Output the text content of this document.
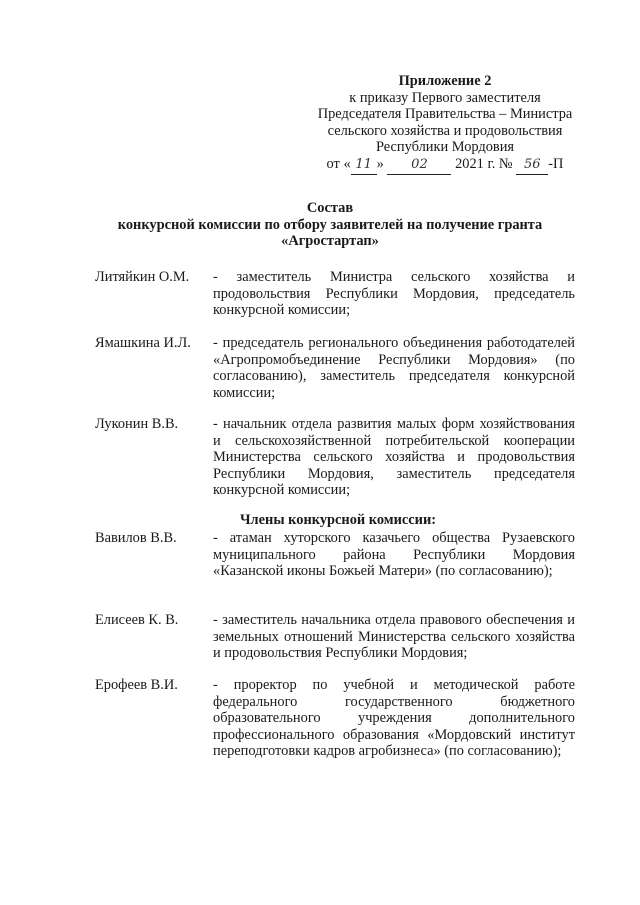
Приложение 2
к приказу Первого заместителя
Председателя Правительства – Министра
сельского хозяйства и продовольствия
Республики Мордовия
от « 11 » 02 2021 г. № 56 -П
Состав
конкурсной комиссии по отбору заявителей на получение гранта
«Агростартап»
Литяйкин О.М.	- заместитель Министра сельского хозяйства и продовольствия Республики Мордовия, председатель конкурсной комиссии;
Ямашкина И.Л.	- председатель регионального объединения работодателей «Агропромобъединение Республики Мордовия» (по согласованию), заместитель председателя конкурсной комиссии;
Луконин В.В.	- начальник отдела развития малых форм хозяйствования и сельскохозяйственной потребительской кооперации Министерства сельского хозяйства и продовольствия Республики Мордовия, заместитель председателя конкурсной комиссии;
Члены конкурсной комиссии:
Вавилов В.В.	- атаман хуторского казачьего общества Рузаевского муниципального района Республики Мордовия «Казанской иконы Божьей Матери» (по согласованию);
Елисеев К. В.	- заместитель начальника отдела правового обеспечения и земельных отношений Министерства сельского хозяйства и продовольствия Республики Мордовия;
Ерофеев В.И.	- проректор по учебной и методической работе федерального государственного бюджетного образовательного учреждения дополнительного профессионального образования «Мордовский институт переподготовки кадров агробизнеса» (по согласованию);
